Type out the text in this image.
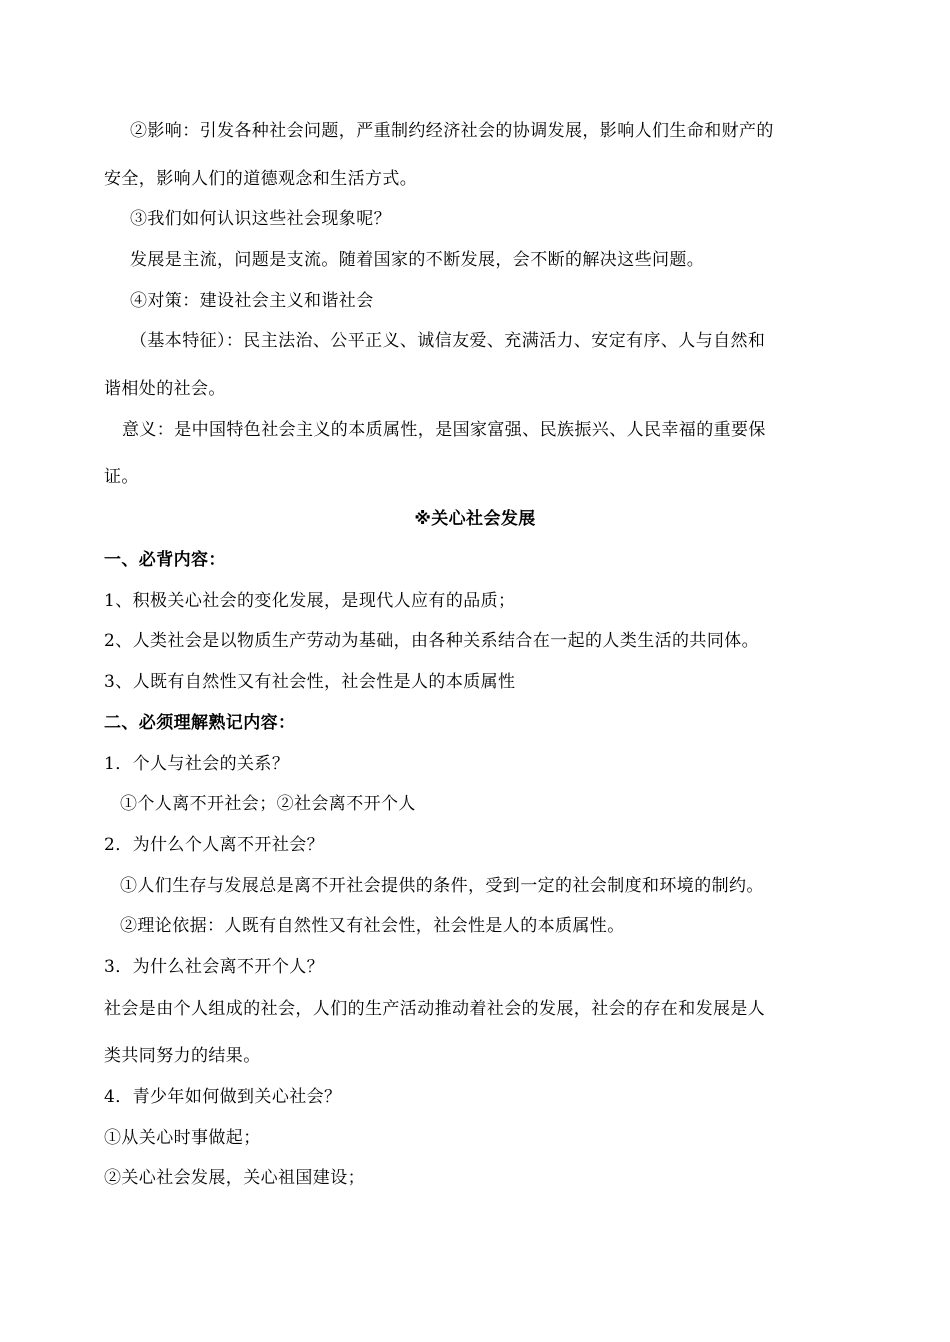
②影响：引发各种社会问题，严重制约经济社会的协调发展，影响人们生命和财产的
安全，影响人们的道德观念和生活方式。
③我们如何认识这些社会现象呢？
发展是主流，问题是支流。随着国家的不断发展，会不断的解决这些问题。
④对策：建设社会主义和谐社会
（基本特征）：民主法治、公平正义、诚信友爱、充满活力、安定有序、人与自然和
谐相处的社会。
意义：是中国特色社会主义的本质属性，是国家富强、民族振兴、人民幸福的重要保
证。
※关心社会发展
一、必背内容：
1、积极关心社会的变化发展，是现代人应有的品质；
2、人类社会是以物质生产劳动为基础，由各种关系结合在一起的人类生活的共同体。
3、人既有自然性又有社会性，社会性是人的本质属性
二、必须理解熟记内容：
1．个人与社会的关系？
①个人离不开社会；②社会离不开个人
2．为什么个人离不开社会？
①人们生存与发展总是离不开社会提供的条件，受到一定的社会制度和环境的制约。
②理论依据：人既有自然性又有社会性，社会性是人的本质属性。
3．为什么社会离不开个人？
社会是由个人组成的社会，人们的生产活动推动着社会的发展，社会的存在和发展是人
类共同努力的结果。
4．青少年如何做到关心社会？
①从关心时事做起；
②关心社会发展，关心祖国建设；
